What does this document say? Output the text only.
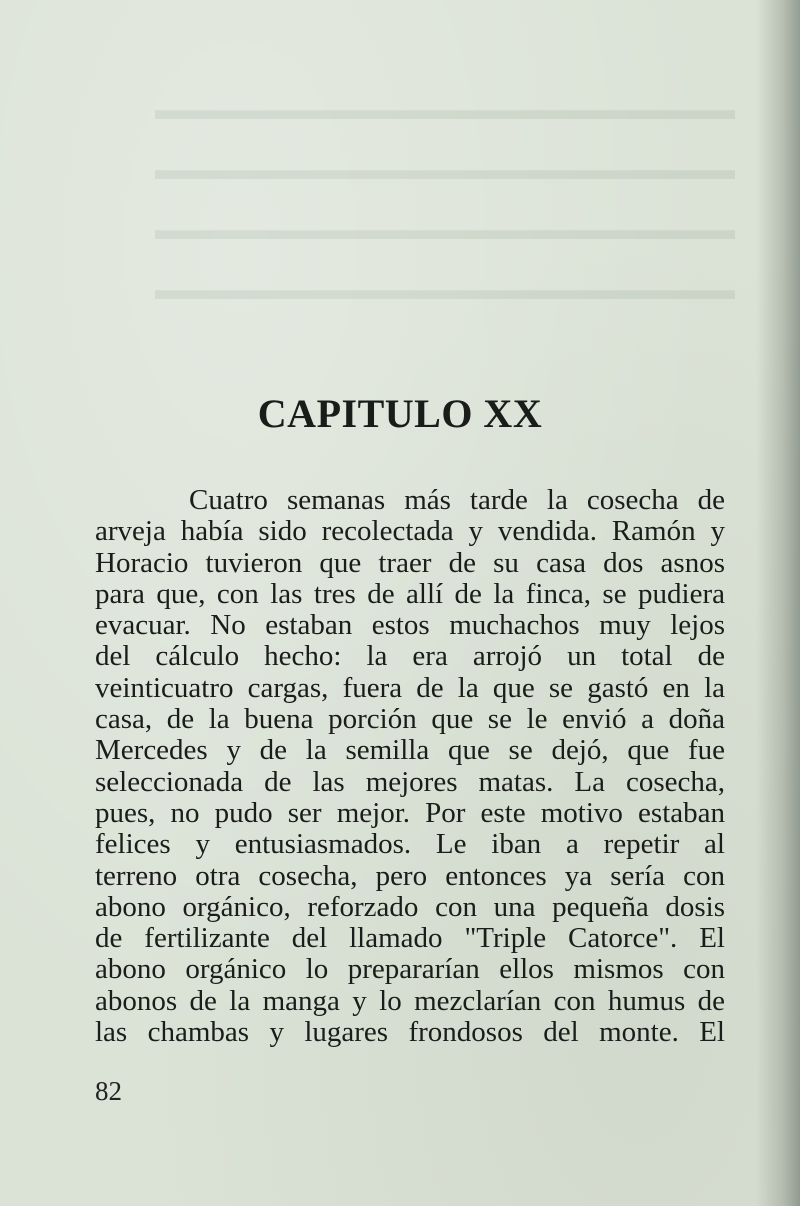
▬▬▬▬▬▬▬▬▬▬▬▬▬▬▬▬▬▬▬▬
▬▬▬▬▬▬▬▬▬▬▬▬▬▬▬▬▬▬▬▬
▬▬▬▬▬▬▬▬▬▬▬▬▬▬▬▬▬▬▬▬
▬▬▬▬▬▬▬▬▬▬▬▬▬▬▬▬▬▬▬▬
CAPITULO XX
Cuatro semanas más tarde la cosecha de
arveja había sido recolectada y vendida. Ramón y
Horacio tuvieron que traer de su casa dos asnos
para que, con las tres de allí de la finca, se pudiera
evacuar. No estaban estos muchachos muy lejos
del cálculo hecho: la era arrojó un total de
veinticuatro cargas, fuera de la que se gastó en la
casa, de la buena porción que se le envió a doña
Mercedes y de la semilla que se dejó, que fue
seleccionada de las mejores matas. La cosecha,
pues, no pudo ser mejor. Por este motivo estaban
felices y entusiasmados. Le iban a repetir al
terreno otra cosecha, pero entonces ya sería con
abono orgánico, reforzado con una pequeña dosis
de fertilizante del llamado "Triple Catorce". El
abono orgánico lo prepararían ellos mismos con
abonos de la manga y lo mezclarían con humus de
las chambas y lugares frondosos del monte. El
82
